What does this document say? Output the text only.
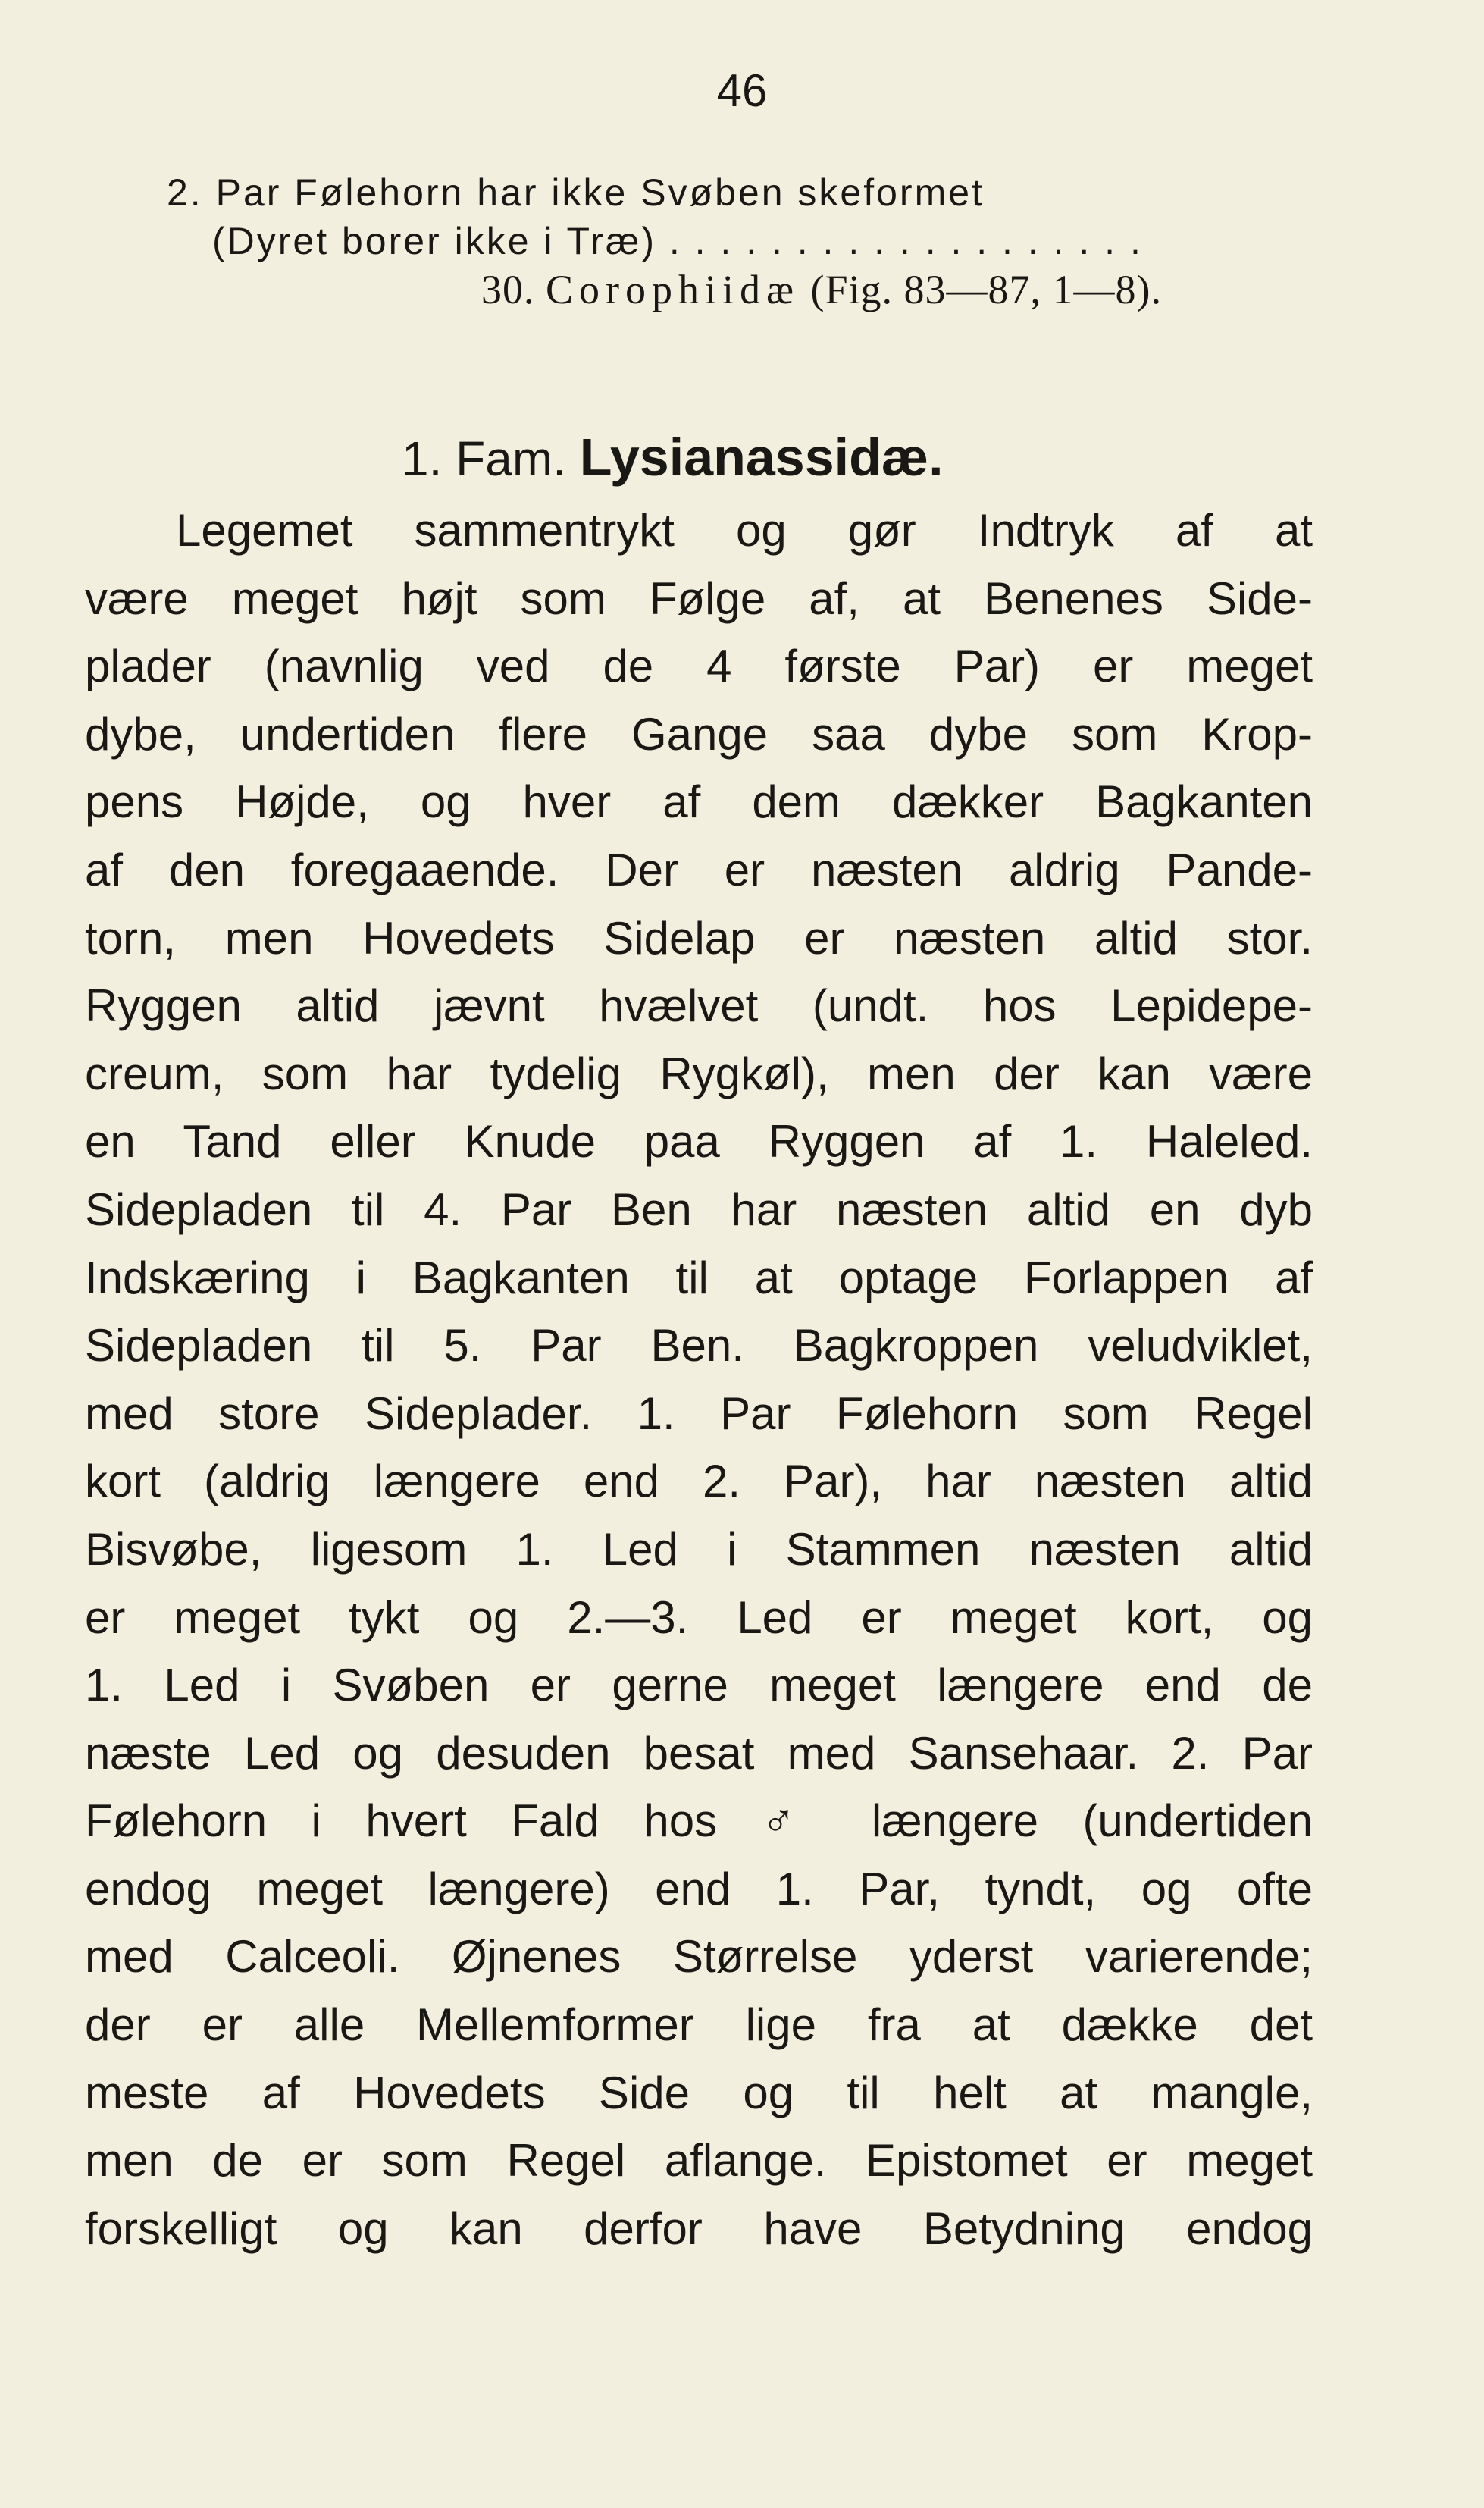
46
2. Par Følehorn har ikke Svøben skeformet
(Dyret borer ikke i Træ) . . . . . . . . . . . . . . . . . . .
30. Corophiidæ (Fig. 83—87, 1—8).
1. Fam. Lysianassidæ.
Legemet sammentrykt og gør Indtryk af at
være meget højt som Følge af, at Benenes Side-
plader (navnlig ved de 4 første Par) er meget
dybe, undertiden flere Gange saa dybe som Krop-
pens Højde, og hver af dem dækker Bagkanten
af den foregaaende. Der er næsten aldrig Pande-
torn, men Hovedets Sidelap er næsten altid stor.
Ryggen altid jævnt hvælvet (undt. hos Lepidepe-
creum, som har tydelig Rygkøl), men der kan være
en Tand eller Knude paa Ryggen af 1. Haleled.
Sidepladen til 4. Par Ben har næsten altid en dyb
Indskæring i Bagkanten til at optage Forlappen af
Sidepladen til 5. Par Ben. Bagkroppen veludviklet,
med store Sideplader. 1. Par Følehorn som Regel
kort (aldrig længere end 2. Par), har næsten altid
Bisvøbe, ligesom 1. Led i Stammen næsten altid
er meget tykt og 2.—3. Led er meget kort, og
1. Led i Svøben er gerne meget længere end de
næste Led og desuden besat med Sansehaar. 2. Par
Følehorn i hvert Fald hos ♂ længere (undertiden
endog meget længere) end 1. Par, tyndt, og ofte
med Calceoli. Øjnenes Størrelse yderst varierende;
der er alle Mellemformer lige fra at dække det
meste af Hovedets Side og til helt at mangle,
men de er som Regel aflange. Epistomet er meget
forskelligt og kan derfor have Betydning endog
